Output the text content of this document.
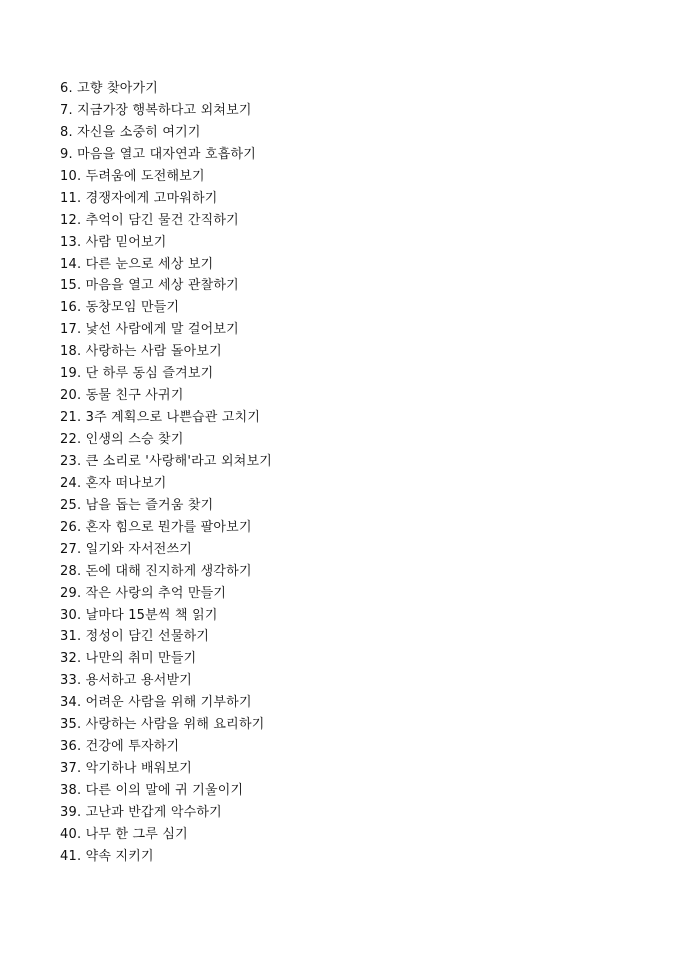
6. 고향 찾아가기
7. 지금가장 행복하다고 외쳐보기
8. 자신을 소중히 여기기
9. 마음을 열고 대자연과 호흡하기
10. 두려움에 도전해보기
11. 경쟁자에게 고마워하기
12. 추억이 담긴 물건 간직하기
13. 사람 믿어보기
14. 다른 눈으로 세상 보기
15. 마음을 열고 세상 관찰하기
16. 동창모임 만들기
17. 낯선 사람에게 말 걸어보기
18. 사랑하는 사람 돌아보기
19. 단 하루 동심 즐겨보기
20. 동물 친구 사귀기
21. 3주 계획으로 나쁜습관 고치기
22. 인생의 스승 찾기
23. 큰 소리로 '사랑해'라고 외쳐보기
24. 혼자 떠나보기
25. 남을 돕는 즐거움 찾기
26. 혼자 힘으로 뭔가를 팔아보기
27. 일기와 자서전쓰기
28. 돈에 대해 진지하게 생각하기
29. 작은 사랑의 추억 만들기
30. 날마다 15분씩 책 읽기
31. 정성이 담긴 선물하기
32. 나만의 취미 만들기
33. 용서하고 용서받기
34. 어려운 사람을 위해 기부하기
35. 사랑하는 사람을 위해 요리하기
36. 건강에 투자하기
37. 악기하나 배워보기
38. 다른 이의 말에 귀 기울이기
39. 고난과 반갑게 악수하기
40. 나무 한 그루 심기
41. 약속 지키기
